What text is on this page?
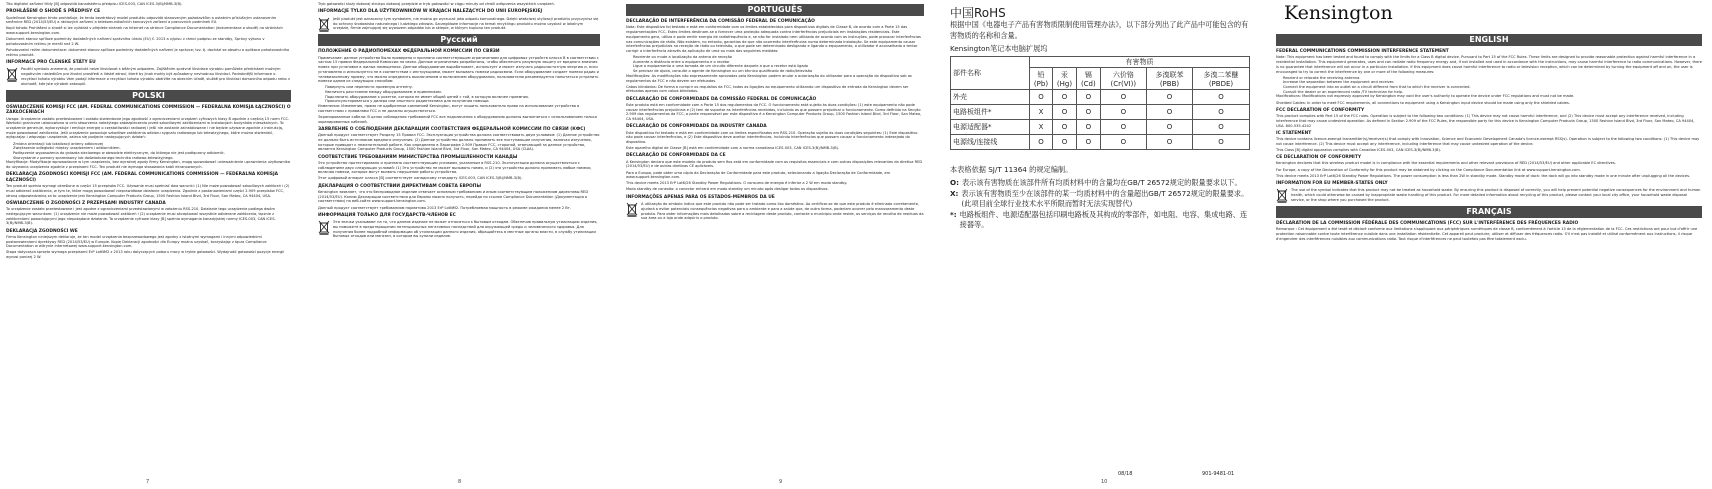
Tito digitální zařízení třídy [B] odpovídá kanadskému předpisu ICES-003, CAN ICES-3(B)/NMB-3(B).
PROHLÁŠENÍ O SHODĚ S PŘEDPISY CE
Společnost Kensington tímto prohlašuje, že tento bezdrátový model produktu odpovídá stanoveným požadavkům a ostatním příslušným ustanovením směrnice RED (2014/53/EU) a rádiových zařízení a telekomunikačních koncových zařízení a pracovních podmínek EU.
Kopii tohoto Prohlášení o shodě si lze vyžádat v přejdete stránek na Internet na stránce Compliance Documentation (dokumentace o shodě) na stránkách www.support.kensington.com.
Dokument stanov spříloze podmínky dodatečných nařízení správního úřadu (EU) č. 2013 a výpisu v rámci podpisu ze standby, Správy výkonu v pohotovostním režimu je menší než 2 W.
Pohotovostní režim dokumentace: dokument stanov spříloze podmínky dodatečných nařízení je správce; tzv. tj. dochází se obsahu a aplikace pohotovostního režimu produkt.
INFORMACE PRO ČLENSKÉ STÁTY EU
Použití symbolu znamená, že produkt nelze likvidovat s běžným odpadem. Zajištěním správné likvidace výrobku pomůžete předcházet možným negativním následkům pro životní prostředí a lidské zdraví, které by jinak mohly být způsobeny nevhodnou likvidací. Podrobnější informace o recyklaci tohoto výrobku Vám podají informace o recyklaci tohoto výrobku obdržíte na obecním úřadě, službě pro likvidaci domovního odpadu nebo v obchodě, kde jste výrobek zakoupili.
POLSKI
OŚWIADCZENIE KOMISJI FCC (AM. FEDERAL COMMUNICATIONS COMMISSION — FEDERALNA KOMISJA ŁĄCZNOŚCI) O ZAKŁÓCENIACH
Uwaga: Urządzenie zostało przetestowane i zostało stwierdzone jego zgodność z ograniczeniami urządzeń cyfrowych klasy B zgodnie z częścią 15 norm FCC. Wartości graniczne ustanowiono w celu stworzenia należytego zabezpieczenia przed szkodliwymi zakłóceniami w instalacjach budynków mieszkalnych. To urządzenie generuje, wykorzystuje i emituje energię o częstotliwości radiowej i jeśli nie zostanie zainstalowane i nie będzie używane zgodnie z instrukcją, może powodować zakłócenia. Jeśli urządzenie powoduje szkodliwe zakłócenia odbioru sygnału radiowego lub telewizyjnego, które można stwierdzić, wyłączając i włączając urządzenie, zaleca się podjęcie następujących działań:
Zmiana orientacji lub lokalizacji anteny odbiorczej
Zwiększenie odległości między urządzeniem i odbiornikiem.
Podłączenie wyposażenia do gniazda sieciowego w obwodzie elektrycznym, do którego nie jest podłączony odbiornik.
Skorzystanie z pomocy sprzedawcy lub doświadczonego technika radiowo-telewizyjnego.
Modyfikacje: Modyfikacje wprowadzone w tym urządzeniu, bez wyraźnej zgody firmy Kensington, mogą spowodować unieważnienie uprawnienia użytkownika do używania urządzenia zgodnie z przepisami FCC. Ten produkt nie wymaga stosowania kabli ekranowanych.
DEKLARACJA ZGODNOŚCI KOMISJI FCC (AM. FEDERAL COMMUNICATIONS COMMISSION — FEDERALNA KOMISJA ŁĄCZNOŚCI)
Ten produkt spełnia wymogi określone w części 15 przepisów FCC. Używanie musi spełniać dwa warunki: (1) Nie może powodować szkodliwych zakłóceń i (2) musi odbierać zakłócenia, w tym te, które mogą powodować nieprawidłowe działanie urządzenia. Zgodnie z postanowieniami części 2.909 przepisów FCC, stroną odpowiedzialną za to urządzenie jest Kensington Computer Products Group, 1500 Fashion Island Blvd, 3rd Floor, San Mateo, CA 94404, USA.
OŚWIADCZENIE O ZGODNOŚCI Z PRZEPISAMI INDUSTRY CANADA
To urządzenie zostało przetestowane i jest zgodne z ograniczeniami przedstawionymi w założeniu RSS-210. Działanie tego urządzenie podlega dwóm następującym warunkom: (1) urządzenie nie może powodować zakłóceń i (2) urządzenie musi akceptować wszystkie odbierane zakłócenia, łącznie z zakłóceniami powodującymi jego niepożądane działanie. To urządzenie cyfrowe klasy [B] spełnia wymagania kanadyjskiej normy ICES-003, CAN ICES-3(B)/NMB-3(B).
DEKLARACJA ZGODNOŚCI WE
Firma Kensington niniejszym deklaruje, że ten model urządzenia bezprzewodowego jest zgodny z istotnymi wymogami i innymi odpowiednimi postanowieniami dyrektywy RED (2014/53/EU) w Europie. Kopię Deklaracji zgodności dla Europy można uzyskać, korzystając z łącza Compliance Documentation w witrynie internetowej www.support.kensington.com.
Stopa dotycząca sprzęta wymaga przepisami ErP LotNM2 z 2013 roku dotyczących poboru mocy w trybie gotowości. Wydajność gotowości pozycje energii wynosi ponizej 2 W.
7
Tryb gotowości służy dokonaj strukpu dokonaj przejdzie w tryb gotowości w ciągu minuty od chwili odłączenia wszystkich urządzeń.
INFORMACJE TYLKO DLA UŻYTKOWNIKÓW W KRAJACH NALEŻĄCYCH DO UNII EUROPEJSKIEJ
Jeśli produkt jest oznaczony tym symbolem, nie można go wyrzucać jako odpadu komunalnego. Dzięki właściwej utylizacji produktu przyczynisz się do ochrony środowiska naturalnego i ludzkiego zdrowia. Szczegółowe informacje na temat recyklingu produktu można uzyskać w lokalnym urzędzie, firmie zajmującej się wywozem odpadów lub w sklepie, w którym kupiono ten produkt.
Русский
ПОЛОЖЕНИЕ О РАДИОПОМЕХАХ ФЕДЕРАЛЬНОЙ КОМИССИИ ПО СВЯЗИ
Примечание: данное устройство было проверено и признано соответствующим ограничениям для цифровых устройств класса B в соответствии с частью 15 правил Федеральной Комиссии по связи. Данные ограничения разработаны, чтобы обеспечить разумную защиту от вредного влияния помех при установке в жилых помещениях. Данное оборудование вырабатывает, использует и может излучать радиочастотную энергию и, если установлено и используется не в соответствии с инструкциями, может вызывать помехи радиосвязи. Если оборудование создает помехи радио и телевизионному приему, что можно определить выключением и включением оборудования, пользователю рекомендуется попытаться устранить помехи одним из следующих способов:
Повернуть или перенести приемную антенну.
Увеличить расстояние между оборудованием и приемником.
Подключить оборудование к розетке, которая не имеет общей цепей с той, в которую включен приемник.
Проконсультироваться у дилера или опытного радиотехника для получения помощи.
Изменения: Изменения, прямо не одобренные компанией Kensington, могут лишить пользователя права на использование устройства в соответствии с правилами FCC и не должны осуществляться.
Экранированные кабели: В целях соблюдения требований FCC все подключения к оборудованию должны выполняться с использованием только экранированных кабелей.
ЗАЯВЛЕНИЕ О СОБЛЮДЕНИИ ДЕКЛАРАЦИИ СООТВЕТСТВИЯ ФЕДЕРАЛЬНОЙ КОМИССИИ ПО СВЯЗИ (КФС)
Данный продукт соответствует Разделу 15 Правил FCC. Эксплуатация устройства должна соответствовать двум условиям: (1) Данное устройство не должно быть источником вредного излучения. (2) Данное устройство должно принимать все поступающие излучения, включая излучения, которые приводят к нежелательной работе. Как определено в Параграфе 2.909 Правил FCC, стороной, отвечающей за данное устройство, является Kensington Computer Products Group, 1500 Fashion Island Blvd, 3rd Floor, San Mateo, CA 94404, USA (США).
СООТВЕТСТВИЕ ТРЕБОВАНИЯМ МИНИСТЕРСТВА ПРОМЫШЛЕННОСТИ КАНАДЫ
Это устройство протестировано и признано соответствующим условиям, указанным в RSS-210. Эксплуатация должна осуществляться с соблюдением двух следующих условий: (1) Это устройство не может вызывать помех, и (2) это устройство должно принимать любые помехи, включая помехи, которые могут вызвать нарушение работы устройства.
Этот цифровой аппарат класса [B] соответствует канадскому стандарту ICES-003, CAN ICES-3(B)/NMB-3(B).
ДЕКЛАРАЦИЯ О СООТВЕТСТВИИ ДИРЕКТИВАМ СОВЕТА ЕВРОПЫ
Kensington заявляет, что это беспроводное изделие отвечает основным требованиям и иным соответствующим положениям директивы RED (2014/53/EU). Копию Декларации соответствия для Европы можно получить, перейдя по ссылке Compliance Documentation (Документация о соответствии) на веб-сайте www.support.kensington.com.
Данный продукт соответствует требованиям норматива 2013 ErP LotNM2. Потребляемая мощность в режиме ожидания менее 2 Вт.
ИНФОРМАЦИЯ ТОЛЬКО ДЛЯ ГОСУДАРСТВ-ЧЛЕНОВ ЕС
Эти значки указывают на то, что данное изделие не может относиться к бытовым отходам. Обеспечив правильную утилизацию изделия, вы поможете в предотвращении потенциальных негативных последствий для окружающей среды и человеческого здоровья. Для получения более подробной информации об утилизации данного изделия, обращайтесь в местные органы власти, в службу утилизации бытовых отходов или магазин, в котором вы купили изделие.
8
PORTUGUÊS
DECLARAÇÃO DE INTERFERÊNCIA DA COMISSÃO FEDERAL DE COMUNICAÇÃO
Nota: Este dispositivo foi testado e está em conformidade com os limites estabelecidos para dispositivos digitais de Classe B, de acordo com a Parte 15 das regulamentações FCC. Estes limites destinam-se a fornecer uma proteção adequada contra interferências prejudiciais em instalações residenciais. Este equipamento gera, utiliza e pode emitir energia de radiofrequência e, se não for instalado nem utilizado de acordo com as instruções, pode provocar interferências nas comunicações de rádio. Não existem, no entanto, garantias de que não ocorrerão interferências numa determinada instalação. Se este equipamento causar interferências prejudiciais na receção de rádio ou televisão, o que pode ser determinado desligando e ligando o equipamento, o utilizador é aconselhado a tentar corrigir a interferência através da aplicação de uma ou mais das seguintes medidas:
Reoriente ou mude a localização da antena de receção
Aumente a distância entre o equipamento e o recetor
Ligue o equipamento a uma tomada de um circuito diferente daquele a que o recetor está ligado
Se precisar de ajuda, consulte o agente de Kensington ou um técnico qualificado de rádio/televisão
Modificações: As modificações não expressamente aprovadas pela Kensington podem anular a autorização do utilizador para a operação do dispositivo sob os regulamentos da FCC e não devem ser efetuadas.
Cabos blindados: De forma a cumprir os requisitos da FCC, todas as ligações ao equipamento utilizando um dispositivo de entrada da Kensington devem ser efetuadas apenas com cabos blindados.
DECLARAÇÃO DE CONFORMIDADE DA COMISSÃO FEDERAL DE COMUNICAÇÃO
Este produto está em conformidade com a Parte 15 dos regulamentos da FCC. O funcionamento está sujeito às duas condições: (1) este equipamento não pode causar interferências prejudiciais e (2) tem de suportar as interferências recebidas, incluindo as que possam prejudicar o funcionamento. Como definido na Secção 2.909 dos regulamentos da FCC, a parte responsável por este dispositivo é a Kensington Computer Products Group, 1500 Fashion Island Blvd, 3rd Floor, San Mateo, CA 94404, USA.
DECLARAÇÃO DE CONFORMIDADE DA INDUSTRY CANADA
Este dispositivo foi testado e está em conformidade com os limites especificados em RSS-210. Operação sujeita às duas condições seguintes: (1) Este dispositivo não pode causar interferências, e (2) Este dispositivo deve aceitar interferências, incluindo interferências que possam causar o funcionamento indesejado do dispositivo.
Este aparelho digital de Classe [B] está em conformidade com a norma canadiana ICES-003, CAN ICES-3(B)/NMB-3(B).
DECLARAÇÃO DE CONFORMIDADE DA CE
A Kensington declara que este modelo do produto sem fios está em conformidade com os requisitos essenciais e com outras disposições relevantes da diretiva RED (2014/53/EU) e de outras diretivas CE aplicáveis.
Para a Europa, pode obter uma cópia da Declaração de Conformidade para este produto, selecionando a ligação Declaração de Conformidade, em www.support.kensington.com.
This device meets 2013 ErP Lot6/26 Standby Power Regulations. O consumo de energia é inferior a 2 W em modo standby.
Modo standby de conexão: o conector entrará em modo standby um minuto após desligar todos os dispositivos.
INFORMAÇÕES APENAS PARA OS ESTADOS-MEMBROS DA UE
A utilização do símbolo indica que este produto não pode ser tratado como lixo doméstico. Ao certificar-se de que este produto é eliminado corretamente, ajudará a evitar potenciais consequências negativas para o ambiente e para a saúde que, de outra forma, poderiam ocorrer pelo manuseamento deste produto. Para obter informações mais detalhadas sobre a reciclagem deste produto, contacte o município onde reside, os serviços de recolha de resíduos da sua área ou a loja onde adquiriu o produto.
9
中国RoHS
根据中国《电器电子产品有害物质限制使用管理办法》，以下部分列出了此产品中可能包含的有害物质的名称和含量。
Kensington笔记本电脑扩展坞
部件名称	有害物质					
	铅 (Pb)	汞 (Hg)	镉 (Cd)	六价铬 (Cr(VI))	多溴联苯 (PBB)	多溴二苯醚 (PBDE)
外壳	O	O	O	O	O	O
电路板组件*	X	O	O	O	O	O
电源适配器*	X	O	O	O	O	O
电源线/连接线	O	O	O	O	O	O
本表格依据 SJ/T 11364 的规定编制。
O: 表示该有害物质在该部件所有均质材料中的含量均在GB/T 26572规定的限量要求以下。
X: 表示该有害物质至少在该部件的某一均质材料中的含量超出GB/T 26572规定的限量要求。(此项目前全球行业技术水平所限而暂时无法实现替代)
*: 电路板组件、电源适配器包括印刷电路板及其构成的零部件，如电阻、电容、集成电路、连接器等。
08/18	901-9481-01
10
Kensington
ENGLISH
FEDERAL COMMUNICATIONS COMMISSION INTERFERENCE STATEMENT
Note: This equipment has been tested and found to comply with the limits for a Class B digital device, Pursuant to Part 15 of the FCC Rules. These limits are designed to provide reasonable protection against harmful interference in a residential installation. This equipment generates, uses and can radiate radio frequency energy and, if not installed and used in accordance with the instructions, may cause harmful interference to radio communications. However, there is no guarantee that interference will not occur in a particular installation. If this equipment does cause harmful interference to radio or television reception, which can be determined by turning the equipment off and on, the user is encouraged to try to correct the interference by one or more of the following measures:
Reorient or relocate the receiving antenna.
Increase the separation between the equipment and receiver.
Connect the equipment into an outlet on a circuit different from that to which the receiver is connected.
Consult the dealer or an experienced radio /TV technician for help.
Modifications: Modifications not expressly approved by Kensington may void the user's authority to operate the device under FCC regulations and must not be made.
Shielded Cables: In order to meet FCC requirements, all connections to equipment using a Kensington input device should be made using only the shielded cables.
FCC DECLARATION OF CONFORMITY
This product complies with Part 15 of the FCC rules. Operation is subject to the following two conditions: (1) This device may not cause harmful interference, and (2) This device must accept any interference received, including interference that may cause undesired operation. As defined in Section 2.909 of the FCC Rules, the responsible party for this device is Kensington Computer Products Group, 1500 Fashion Island Blvd, 3rd Floor, San Mateo, CA 94404, USA. 800-535-4242
IC STATEMENT
This device contains licence-exempt transmitter(s)/receiver(s) that comply with Innovation, Science and Economic Development Canada's licence-exempt RSS(s). Operation is subject to the following two conditions: (1) This device may not cause interference. (2) This device must accept any interference, including interference that may cause undesired operation of the device.
This Class [B] digital apparatus complies with Canadian ICES-003, CAN ICES-3(B)/NMB-3(B).
CE DECLARATION OF CONFORMITY
Kensington declares that this wireless product model is in compliance with the essential requirements and other relevant provisions of RED (2014/53/EU) and other applicable EC directives.
For Europe, a copy of the Declaration of Conformity for this product may be obtained by clicking on the Compliance Documentation link at www.support.kensington.com.
This device meets 2013 ErP Lot6/26 Standby Power Regulations. The power consumption is less than 2W in standby mode. Standby mode of dock: the dock will go into standby mode in one minute after unplugging all the devices.
INFORMATION FOR EU MEMBER-STATES ONLY
The use of the symbol indicates that this product may not be treated as household waste. By ensuring this product is disposed of correctly, you will help prevent potential negative consequences for the environment and human health, which could otherwise be caused by inappropriate waste handling of this product. For more detailed information about recycling of this product, please contact your local city office, your household waste disposal service, or the shop where you purchased the product.
FRANÇAIS
DÉCLARATION DE LA COMMISSION FÉDÉRALE DES COMMUNICATIONS (FCC) SUR L'INTERFÉRENCE DES FRÉQUENCES RADIO
Remarque : Cet équipement a été testé et déclaré conforme aux limitations s'appliquant aux périphériques numériques de classe B, conformément à l'article 15 de la réglementation de la FCC. Ces restrictions ont pour but d'offrir une protection raisonnable contre toute interférence nuisible dans une installation résidentielle. Cet appareil peut produire, utiliser et diffuser des fréquences radio. S'il n'est pas installé et utilisé conformément aux instructions, il risque d'engendrer des interférences nuisibles aux communications radio. Tout risque d'interférences ne peut toutefois pas être totalement exclu.
